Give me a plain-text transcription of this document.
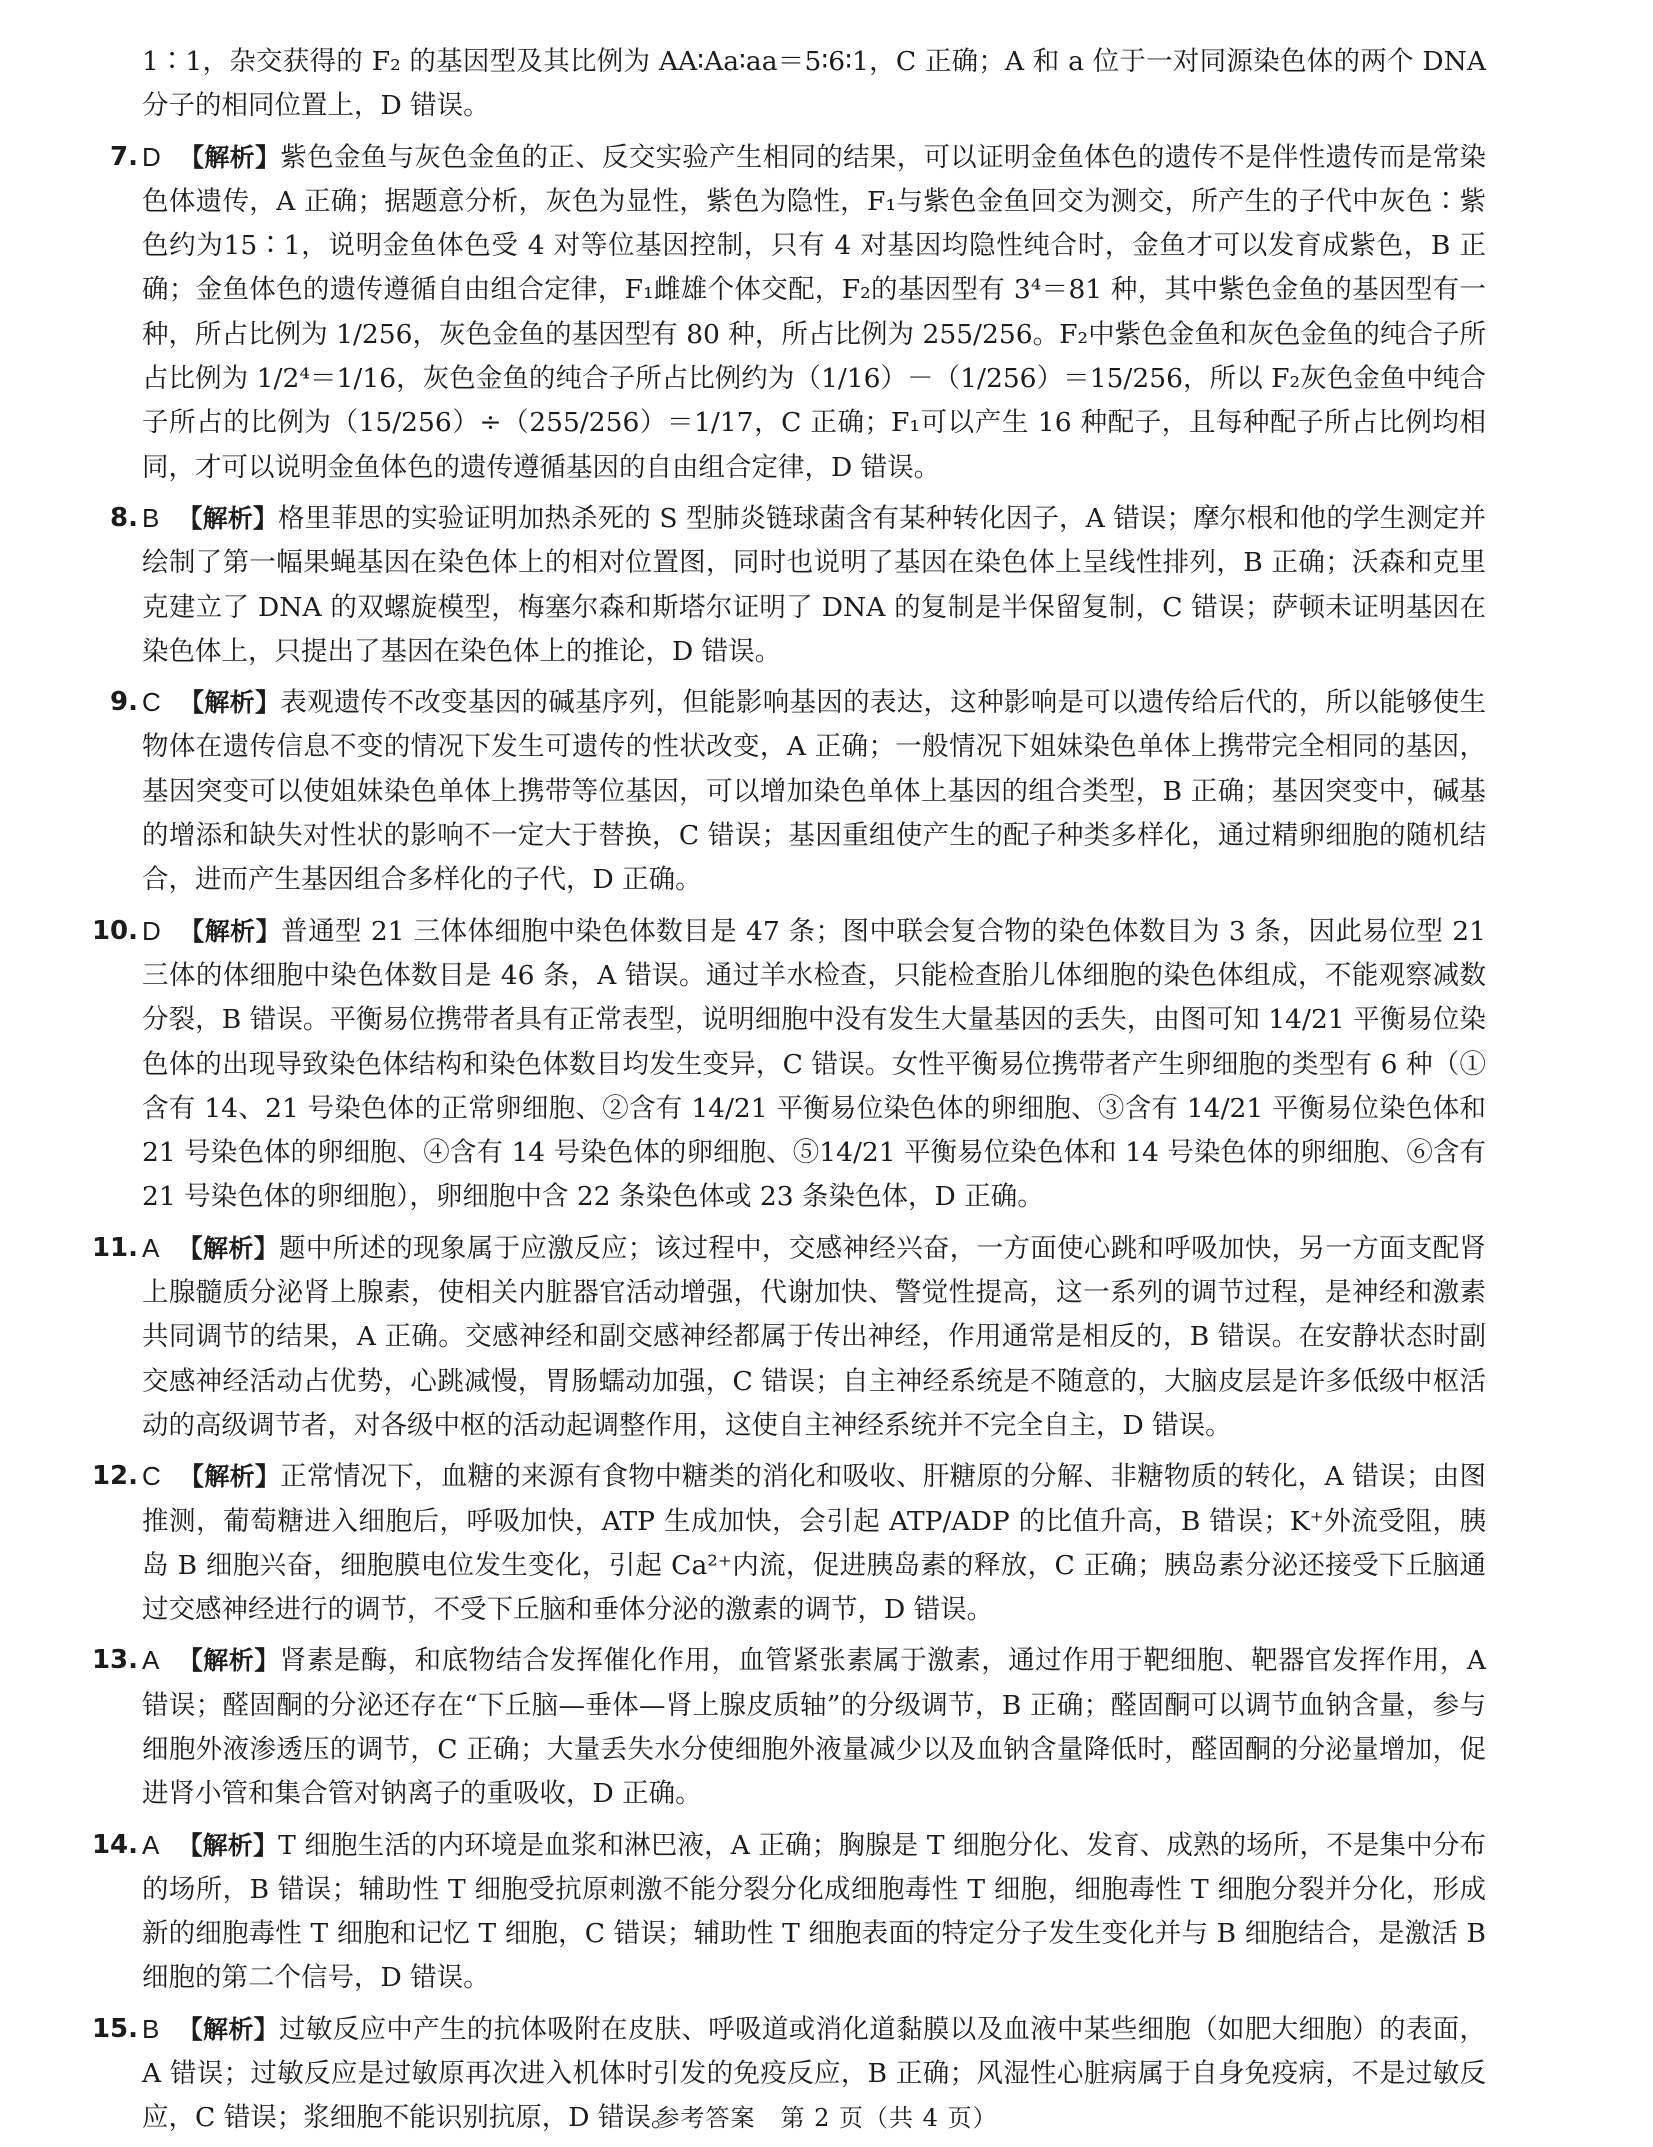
1∶1，杂交获得的 F₂ 的基因型及其比例为 AA∶Aa∶aa＝5∶6∶1，C 正确；A 和 a 位于一对同源染色体的两个 DNA 分子的相同位置上，D 错误。

7. D 【解析】紫色金鱼与灰色金鱼的正、反交实验产生相同的结果，可以证明金鱼体色的遗传不是伴性遗传而是常染色体遗传，A 正确；据题意分析，灰色为显性，紫色为隐性，F₁与紫色金鱼回交为测交，所产生的子代中灰色∶紫色约为15∶1，说明金鱼体色受 4 对等位基因控制，只有 4 对基因均隐性纯合时，金鱼才可以发育成紫色，B 正确；金鱼体色的遗传遵循自由组合定律，F₁雌雄个体交配，F₂的基因型有 3⁴＝81 种，其中紫色金鱼的基因型有一种，所占比例为 1/256，灰色金鱼的基因型有 80 种，所占比例为 255/256。F₂中紫色金鱼和灰色金鱼的纯合子所占比例为 1/2⁴＝1/16，灰色金鱼的纯合子所占比例约为（1/16）－（1/256）＝15/256，所以 F₂灰色金鱼中纯合子所占的比例为（15/256）÷（255/256）＝1/17，C 正确；F₁可以产生 16 种配子，且每种配子所占比例均相同，才可以说明金鱼体色的遗传遵循基因的自由组合定律，D 错误。

8. B 【解析】格里菲思的实验证明加热杀死的 S 型肺炎链球菌含有某种转化因子，A 错误；摩尔根和他的学生测定并绘制了第一幅果蝇基因在染色体上的相对位置图，同时也说明了基因在染色体上呈线性排列，B 正确；沃森和克里克建立了 DNA 的双螺旋模型，梅塞尔森和斯塔尔证明了 DNA 的复制是半保留复制，C 错误；萨顿未证明基因在染色体上，只提出了基因在染色体上的推论，D 错误。

9. C 【解析】表观遗传不改变基因的碱基序列，但能影响基因的表达，这种影响是可以遗传给后代的，所以能够使生物体在遗传信息不变的情况下发生可遗传的性状改变，A 正确；一般情况下姐妹染色单体上携带完全相同的基因，基因突变可以使姐妹染色单体上携带等位基因，可以增加染色单体上基因的组合类型，B 正确；基因突变中，碱基的增添和缺失对性状的影响不一定大于替换，C 错误；基因重组使产生的配子种类多样化，通过精卵细胞的随机结合，进而产生基因组合多样化的子代，D 正确。

10. D 【解析】普通型 21 三体体细胞中染色体数目是 47 条；图中联会复合物的染色体数目为 3 条，因此易位型 21 三体的体细胞中染色体数目是 46 条，A 错误。通过羊水检查，只能检查胎儿体细胞的染色体组成，不能观察减数分裂，B 错误。平衡易位携带者具有正常表型，说明细胞中没有发生大量基因的丢失，由图可知 14/21 平衡易位染色体的出现导致染色体结构和染色体数目均发生变异，C 错误。女性平衡易位携带者产生卵细胞的类型有 6 种（①含有 14、21 号染色体的正常卵细胞、②含有 14/21 平衡易位染色体的卵细胞、③含有 14/21 平衡易位染色体和 21 号染色体的卵细胞、④含有 14 号染色体的卵细胞、⑤14/21 平衡易位染色体和 14 号染色体的卵细胞、⑥含有 21 号染色体的卵细胞），卵细胞中含 22 条染色体或 23 条染色体，D 正确。

11. A 【解析】题中所述的现象属于应激反应；该过程中，交感神经兴奋，一方面使心跳和呼吸加快，另一方面支配肾上腺髓质分泌肾上腺素，使相关内脏器官活动增强，代谢加快、警觉性提高，这一系列的调节过程，是神经和激素共同调节的结果，A 正确。交感神经和副交感神经都属于传出神经，作用通常是相反的，B 错误。在安静状态时副交感神经活动占优势，心跳减慢，胃肠蠕动加强，C 错误；自主神经系统是不随意的，大脑皮层是许多低级中枢活动的高级调节者，对各级中枢的活动起调整作用，这使自主神经系统并不完全自主，D 错误。

12. C 【解析】正常情况下，血糖的来源有食物中糖类的消化和吸收、肝糖原的分解、非糖物质的转化，A 错误；由图推测，葡萄糖进入细胞后，呼吸加快，ATP 生成加快，会引起 ATP/ADP 的比值升高，B 错误；K⁺外流受阻，胰岛 B 细胞兴奋，细胞膜电位发生变化，引起 Ca²⁺内流，促进胰岛素的释放，C 正确；胰岛素分泌还接受下丘脑通过交感神经进行的调节，不受下丘脑和垂体分泌的激素的调节，D 错误。

13. A 【解析】肾素是酶，和底物结合发挥催化作用，血管紧张素属于激素，通过作用于靶细胞、靶器官发挥作用，A 错误；醛固酮的分泌还存在“下丘脑—垂体—肾上腺皮质轴”的分级调节，B 正确；醛固酮可以调节血钠含量，参与细胞外液渗透压的调节，C 正确；大量丢失水分使细胞外液量减少以及血钠含量降低时，醛固酮的分泌量增加，促进肾小管和集合管对钠离子的重吸收，D 正确。

14. A 【解析】T 细胞生活的内环境是血浆和淋巴液，A 正确；胸腺是 T 细胞分化、发育、成熟的场所，不是集中分布的场所，B 错误；辅助性 T 细胞受抗原刺激不能分裂分化成细胞毒性 T 细胞，细胞毒性 T 细胞分裂并分化，形成新的细胞毒性 T 细胞和记忆 T 细胞，C 错误；辅助性 T 细胞表面的特定分子发生变化并与 B 细胞结合，是激活 B 细胞的第二个信号，D 错误。

15. B 【解析】过敏反应中产生的抗体吸附在皮肤、呼吸道或消化道黏膜以及血液中某些细胞（如肥大细胞）的表面，A 错误；过敏反应是过敏原再次进入机体时引发的免疫反应，B 正确；风湿性心脏病属于自身免疫病，不是过敏反应，C 错误；浆细胞不能识别抗原，D 错误。

参考答案　第 2 页（共 4 页）
